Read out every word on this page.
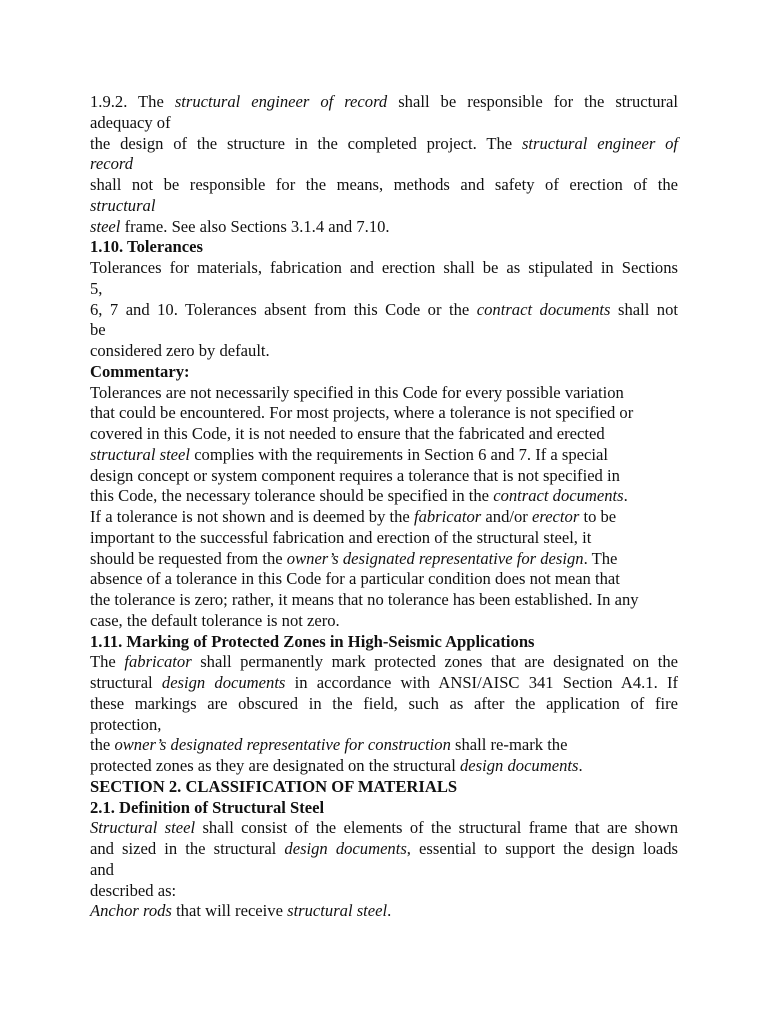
1.9.2. The structural engineer of record shall be responsible for the structural
adequacy of
the design of the structure in the completed project. The structural engineer of
record
shall not be responsible for the means, methods and safety of erection of the
structural
steel frame. See also Sections 3.1.4 and 7.10.
1.10. Tolerances
Tolerances for materials, fabrication and erection shall be as stipulated in Sections
5,
6, 7 and 10. Tolerances absent from this Code or the contract documents shall not
be
considered zero by default.
Commentary:
Tolerances are not necessarily specified in this Code for every possible variation
that could be encountered. For most projects, where a tolerance is not specified or
covered in this Code, it is not needed to ensure that the fabricated and erected
structural steel complies with the requirements in Section 6 and 7. If a special
design concept or system component requires a tolerance that is not specified in
this Code, the necessary tolerance should be specified in the contract documents.
If a tolerance is not shown and is deemed by the fabricator and/or erector to be
important to the successful fabrication and erection of the structural steel, it
should be requested from the owner’s designated representative for design. The
absence of a tolerance in this Code for a particular condition does not mean that
the tolerance is zero; rather, it means that no tolerance has been established. In any
case, the default tolerance is not zero.
1.11. Marking of Protected Zones in High-Seismic Applications
The fabricator shall permanently mark protected zones that are designated on the
structural design documents in accordance with ANSI/AISC 341 Section A4.1. If
these markings are obscured in the field, such as after the application of fire
protection,
the owner’s designated representative for construction shall re-mark the
protected zones as they are designated on the structural design documents.
SECTION 2. CLASSIFICATION OF MATERIALS
2.1. Definition of Structural Steel
Structural steel shall consist of the elements of the structural frame that are shown
and sized in the structural design documents, essential to support the design loads
and
described as:
Anchor rods that will receive structural steel.
